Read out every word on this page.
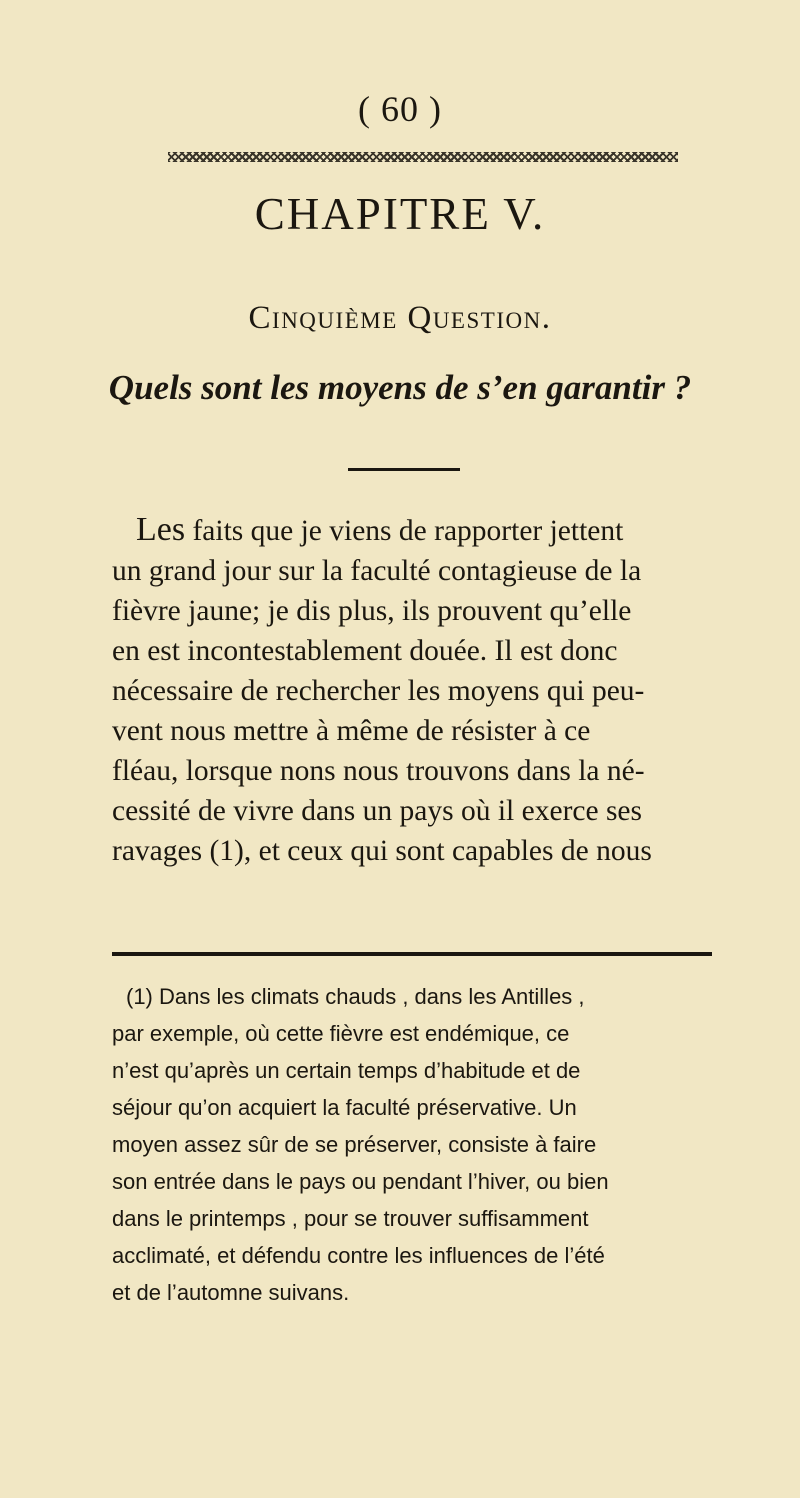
( 60 )
CHAPITRE V.
Cinquième Question.
Quels sont les moyens de s’en garantir ?
Les faits que je viens de rapporter jettent
un grand jour sur la faculté contagieuse de la
fièvre jaune; je dis plus, ils prouvent qu’elle
en est incontestablement douée. Il est donc
nécessaire de rechercher les moyens qui peu-
vent nous mettre à même de résister à ce
fléau, lorsque nons nous trouvons dans la né-
cessité de vivre dans un pays où il exerce ses
ravages (1), et ceux qui sont capables de nous
(1) Dans les climats chauds , dans les Antilles ,
par exemple, où cette fièvre est endémique, ce
n’est qu’après un certain temps d’habitude et de
séjour qu’on acquiert la faculté préservative. Un
moyen assez sûr de se préserver, consiste à faire
son entrée dans le pays ou pendant l’hiver, ou bien
dans le printemps , pour se trouver suffisamment
acclimaté, et défendu contre les influences de l’été
et de l’automne suivans.
